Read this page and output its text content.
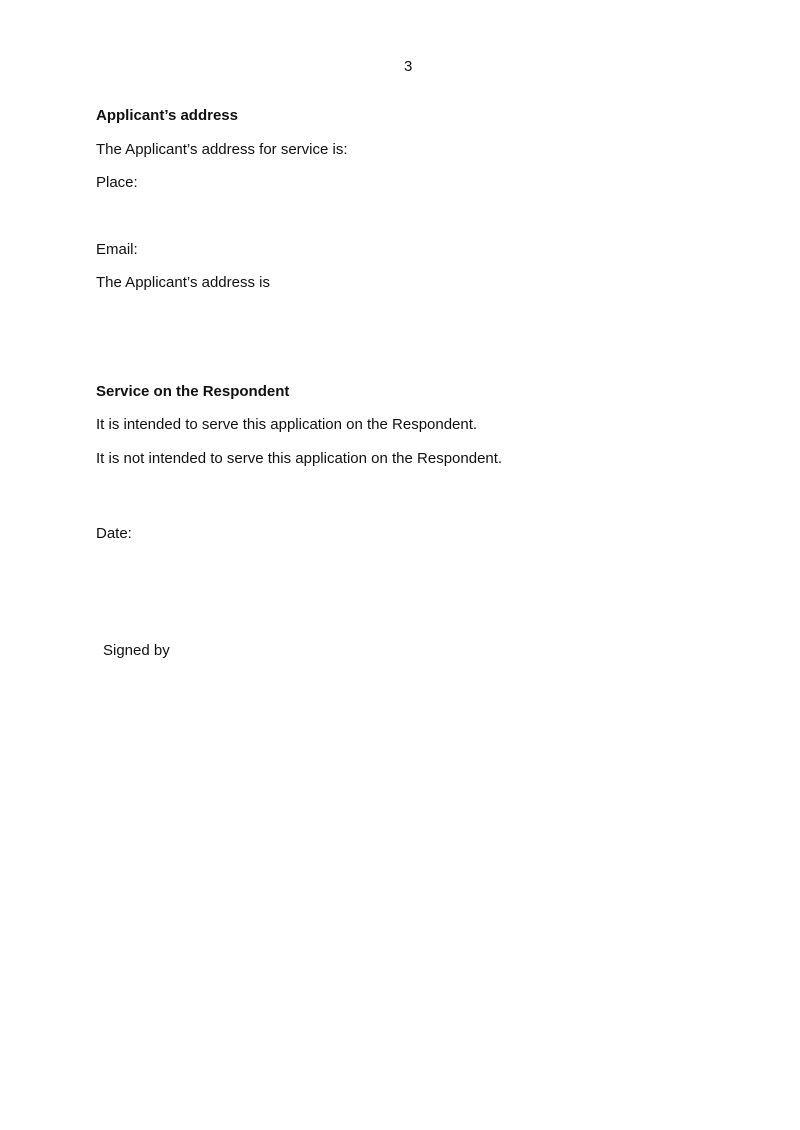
3
Applicant’s address
The Applicant’s address for service is:
Place:
Email:
The Applicant’s address is
Service on the Respondent
It is intended to serve this application on the Respondent.
It is not intended to serve this application on the Respondent.
Date:
Signed by
